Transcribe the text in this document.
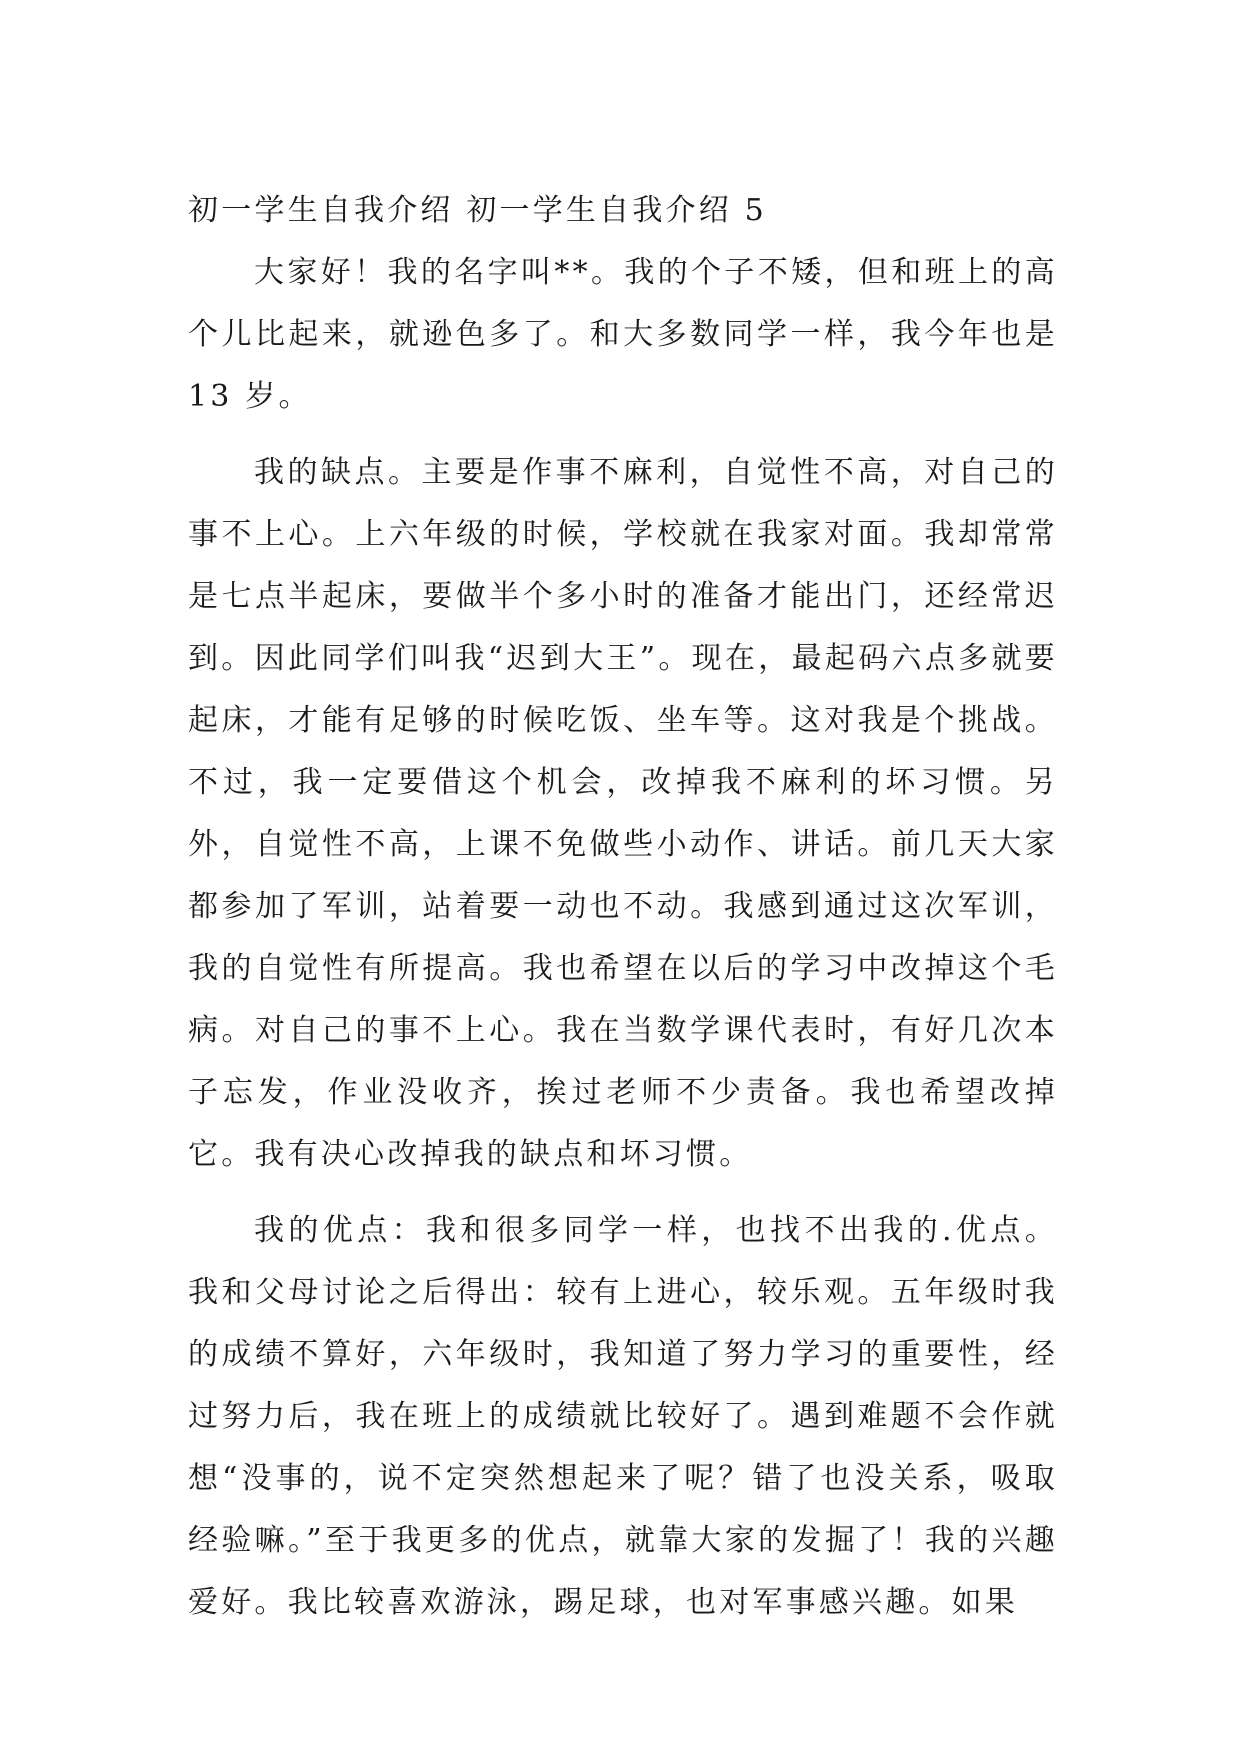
初一学生自我介绍 初一学生自我介绍 5

大家好！我的名字叫**。我的个子不矮，但和班上的高个儿比起来，就逊色多了。和大多数同学一样，我今年也是 13 岁。

我的缺点。主要是作事不麻利，自觉性不高，对自己的事不上心。上六年级的时候，学校就在我家对面。我却常常是七点半起床，要做半个多小时的准备才能出门，还经常迟到。因此同学们叫我“迟到大王”。现在，最起码六点多就要起床，才能有足够的时候吃饭、坐车等。这对我是个挑战。不过，我一定要借这个机会，改掉我不麻利的坏习惯。另外，自觉性不高，上课不免做些小动作、讲话。前几天大家都参加了军训，站着要一动也不动。我感到通过这次军训，我的自觉性有所提高。我也希望在以后的学习中改掉这个毛病。对自己的事不上心。我在当数学课代表时，有好几次本子忘发，作业没收齐，挨过老师不少责备。我也希望改掉它。我有决心改掉我的缺点和坏习惯。

我的优点：我和很多同学一样，也找不出我的.优点。我和父母讨论之后得出：较有上进心，较乐观。五年级时我的成绩不算好，六年级时，我知道了努力学习的重要性，经过努力后，我在班上的成绩就比较好了。遇到难题不会作就想“没事的，说不定突然想起来了呢？错了也没关系，吸取经验嘛。”至于我更多的优点，就靠大家的发掘了！我的兴趣爱好。我比较喜欢游泳，踢足球，也对军事感兴趣。如果
